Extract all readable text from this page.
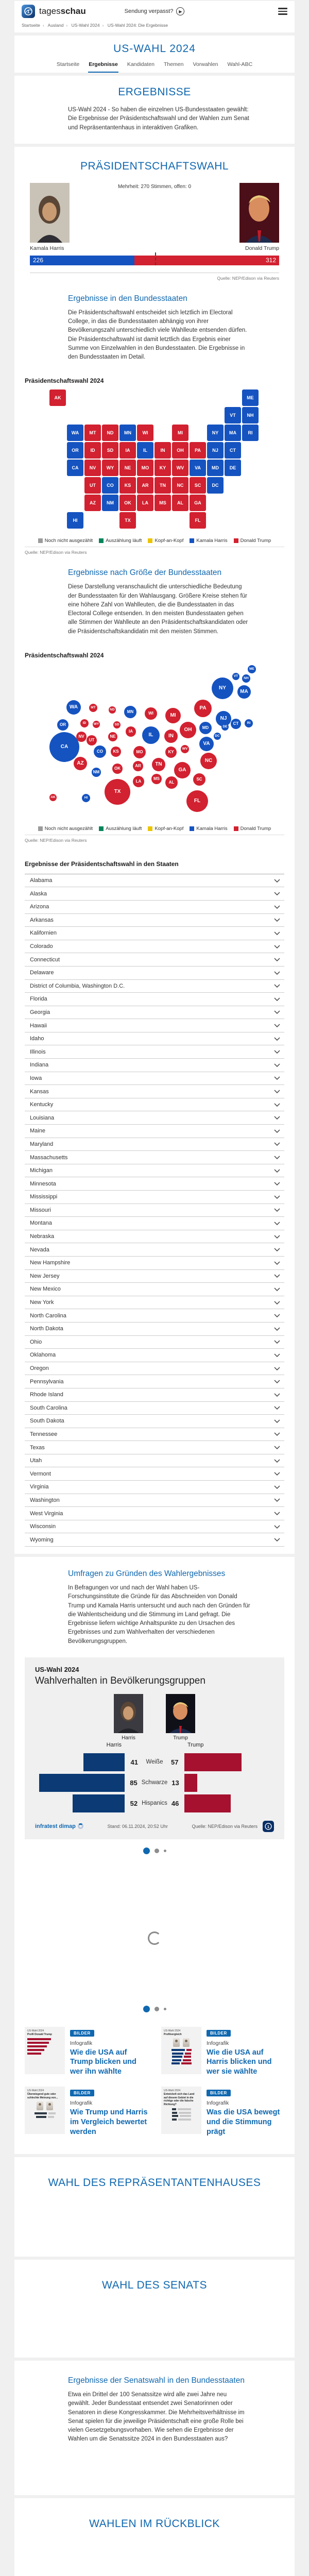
1 tagesschau	Sendung verpasst?	▶
Startseite › Ausland › US-Wahl 2024 › US-Wahl 2024: Die Ergebnisse
US-WAHL 2024
Startseite Ergebnisse Kandidaten Themen Vorwahlen Wahl-ABC
ERGEBNISSE

US-Wahl 2024 - So haben die einzelnen US-Bundesstaaten gewählt: Die Ergebnisse der Präsidentschaftswahl und der Wahlen zum Senat und Repräsentantenhaus in interaktiven Grafiken.

PRÄSIDENTSCHAFTSWAHL
Kamala Harris
Mehrheit: 270 Stimmen, offen: 0
Donald Trump
226	312
Quelle: NEP/Edison via Reuters
Ergebnisse in den Bundesstaaten

Die Präsidentschaftswahl entscheidet sich letztlich im Electoral College, in das die Bundesstaaten abhängig von ihrer Bevölkerungszahl unterschiedlich viele Wahlleute entsenden dürfen. Die Präsidentschaftswahl ist damit letztlich das Ergebnis einer Summe von Einzelwahlen in den Bundesstaaten. Die Ergebnisse in den Bundesstaaten im Detail.

Präsidentschaftswahl 2024
AK	ME
VT NH
WA MT ND MN WI	MI	NY MA	RI
OR	ID	SD	IA	IL	IN	OH PA NJ CT
CA NV WY NE MO KY WV VA MD DE
UT CO KS AR TN NC SC DC
AZ NM OK LA MS AL GA
HI	TX	FL
Noch nicht ausgezählt	Auszählung läuft	Kopf-an-Kopf	Kamala Harris	Donald Trump
Quelle: NEP/Edison via Reuters
Ergebnisse nach Größe der Bundesstaaten

Diese Darstellung veranschaulicht die unterschiedliche Bedeutung der Bundesstaaten für den Wahlausgang. Größere Kreise stehen für eine höhere Zahl von Wahlleuten, die die Bundesstaaten in das Electoral College entsenden. In den meisten Bundesstaaten gehen alle Stimmen der Wahlleute an den Präsidentschaftskandidaten oder die Präsidentschaftskandidatin mit den meisten Stimmen.

Präsidentschaftswahl 2024
AK
ME
VT
NH
WA	MT
ND	MN	WI	MI
NY
MA
RI
OR	ID	SD
IA
IL	IN
OH
PA
NJ
CT
CA
NV
WY
NE
MO	KY
WV
VA
MD	DE
UT
CO KS
AR	TN
NC
SC
DC
AZ
NM
OK
LA
MS
AL
GA
HI
TX
FL
Noch nicht ausgezählt	Auszählung läuft	Kopf-an-Kopf	Kamala Harris	Donald Trump
Quelle: NEP/Edison via Reuters
Ergebnisse der Präsidentschaftswahl in den Staaten
Alabama
Alaska
Arizona
Arkansas
Kalifornien
Colorado
Connecticut
Delaware
District of Columbia, Washington D.C.
Florida
Georgia
Hawaii
Idaho
Illinois
Indiana
Iowa
Kansas
Kentucky
Louisiana
Maine
Maryland
Massachusetts
Michigan
Minnesota
Mississippi
Missouri
Montana
Nebraska
Nevada
New Hampshire
New Jersey
New Mexico
New York
North Carolina
North Dakota
Ohio
Oklahoma
Oregon
Pennsylvania
Rhode Island
South Carolina
South Dakota
Tennessee
Texas
Utah
Vermont
Virginia
Washington
West Virginia
Wisconsin
Wyoming
Umfragen zu Gründen des Wahlergebnisses

In Befragungen vor und nach der Wahl haben US-Forschungsinstitute die Gründe für das Abschneiden von Donald Trump und Kamala Harris untersucht und auch nach den Gründen für die Wahlentscheidung und die Stimmung im Land gefragt. Die Ergebnisse liefern wichtige Anhaltspunkte zu den Ursachen des Ergebnisses und zum Wahlverhalten der verschiedenen Bevölkerungsgruppen.

US-Wahl 2024
Wahlverhalten in Bevölkerungsgruppen
Harris	Trump
Harris	Trump
41	Weiße	57
85 Schwarze 13
52 Hispanics 46
infratest dimap	Stand: 06.11.2024, 20:52 Uhr	Quelle: NEP/Edison via Reuters 1
US-Wahl 2024
Profil Donald Trump	BILDER
Infografik
Wie die USA auf Trump blicken und wer ihn wählte
US-Wahl 2024
Profilvergleich	BILDER
Infografik
Wie die USA auf Harris blicken und wer sie wählte
US-Wahl 2024
Überwiegend gute oder schlechte Meinung von...
BILDER
Infografik
Wie Trump und Harris im Vergleich bewertet werden
US-Wahl 2024
Entwickelt sich das Land auf diesem Gebiet in die richtige oder die falsche Richtung?
BILDER
Infografik
Was die USA bewegt und die Stimmung prägt
WAHL DES REPRÄSENTANTENHAUSES
WAHL DES SENATS
Ergebnisse der Senatswahl in den Bundesstaaten

Etwa ein Drittel der 100 Senatssitze wird alle zwei Jahre neu gewählt. Jeder Bundesstaat entsendet zwei Senatorinnen oder Senatoren in diese Kongresskammer. Die Mehrheitsverhältnisse im Senat spielen für die jeweilige Präsidentschaft eine große Rolle bei vielen Gesetzgebungsvorhaben. Wie sehen die Ergebnisse der Wahlen um die Senatssitze 2024 in den Bundesstaaten aus?

WAHLEN IM RÜCKBLICK
